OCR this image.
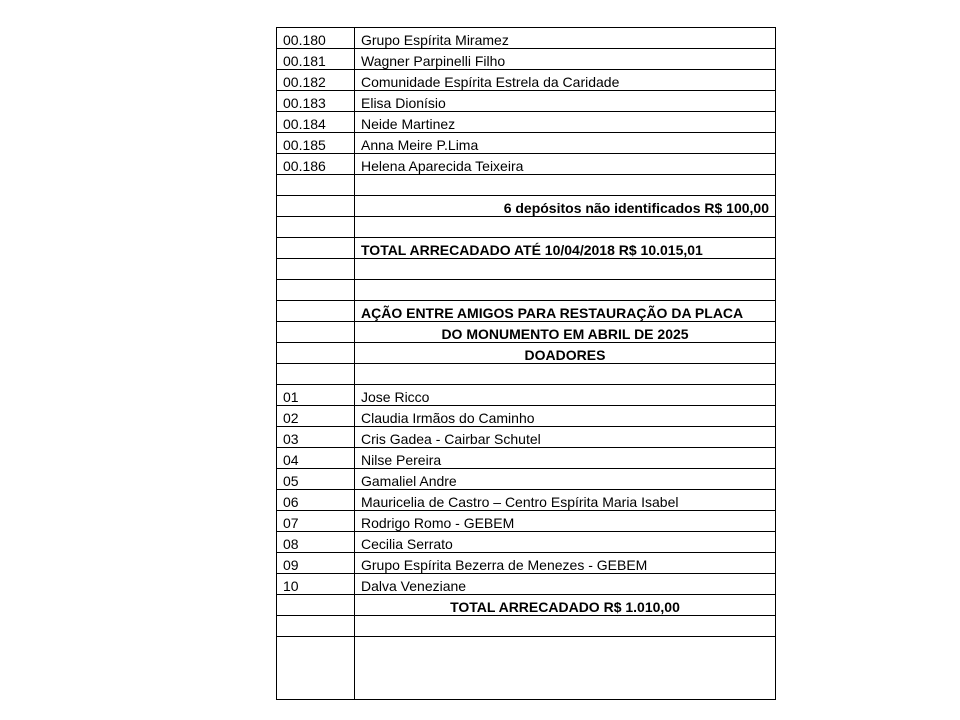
00.180	Grupo Espírita Miramez
00.181	Wagner Parpinelli Filho
00.182	Comunidade Espírita Estrela da Caridade
00.183	Elisa Dionísio
00.184	Neide Martinez
00.185	Anna Meire P.Lima
00.186	Helena Aparecida Teixeira

	6 depósitos não identificados R$ 100,00

	TOTAL ARRECADADO ATÉ 10/04/2018 R$ 10.015,01

	AÇÃO ENTRE AMIGOS PARA RESTAURAÇÃO DA PLACA
	DO MONUMENTO EM ABRIL DE 2025
	DOADORES

01	Jose Ricco
02	Claudia Irmãos do Caminho
03	Cris Gadea - Cairbar Schutel
04	Nilse Pereira
05	Gamaliel Andre
06	Mauricelia de Castro – Centro Espírita Maria Isabel
07	Rodrigo Romo - GEBEM
08	Cecilia Serrato
09	Grupo Espírita Bezerra de Menezes - GEBEM
10	Dalva Veneziane
	TOTAL ARRECADADO R$ 1.010,00
